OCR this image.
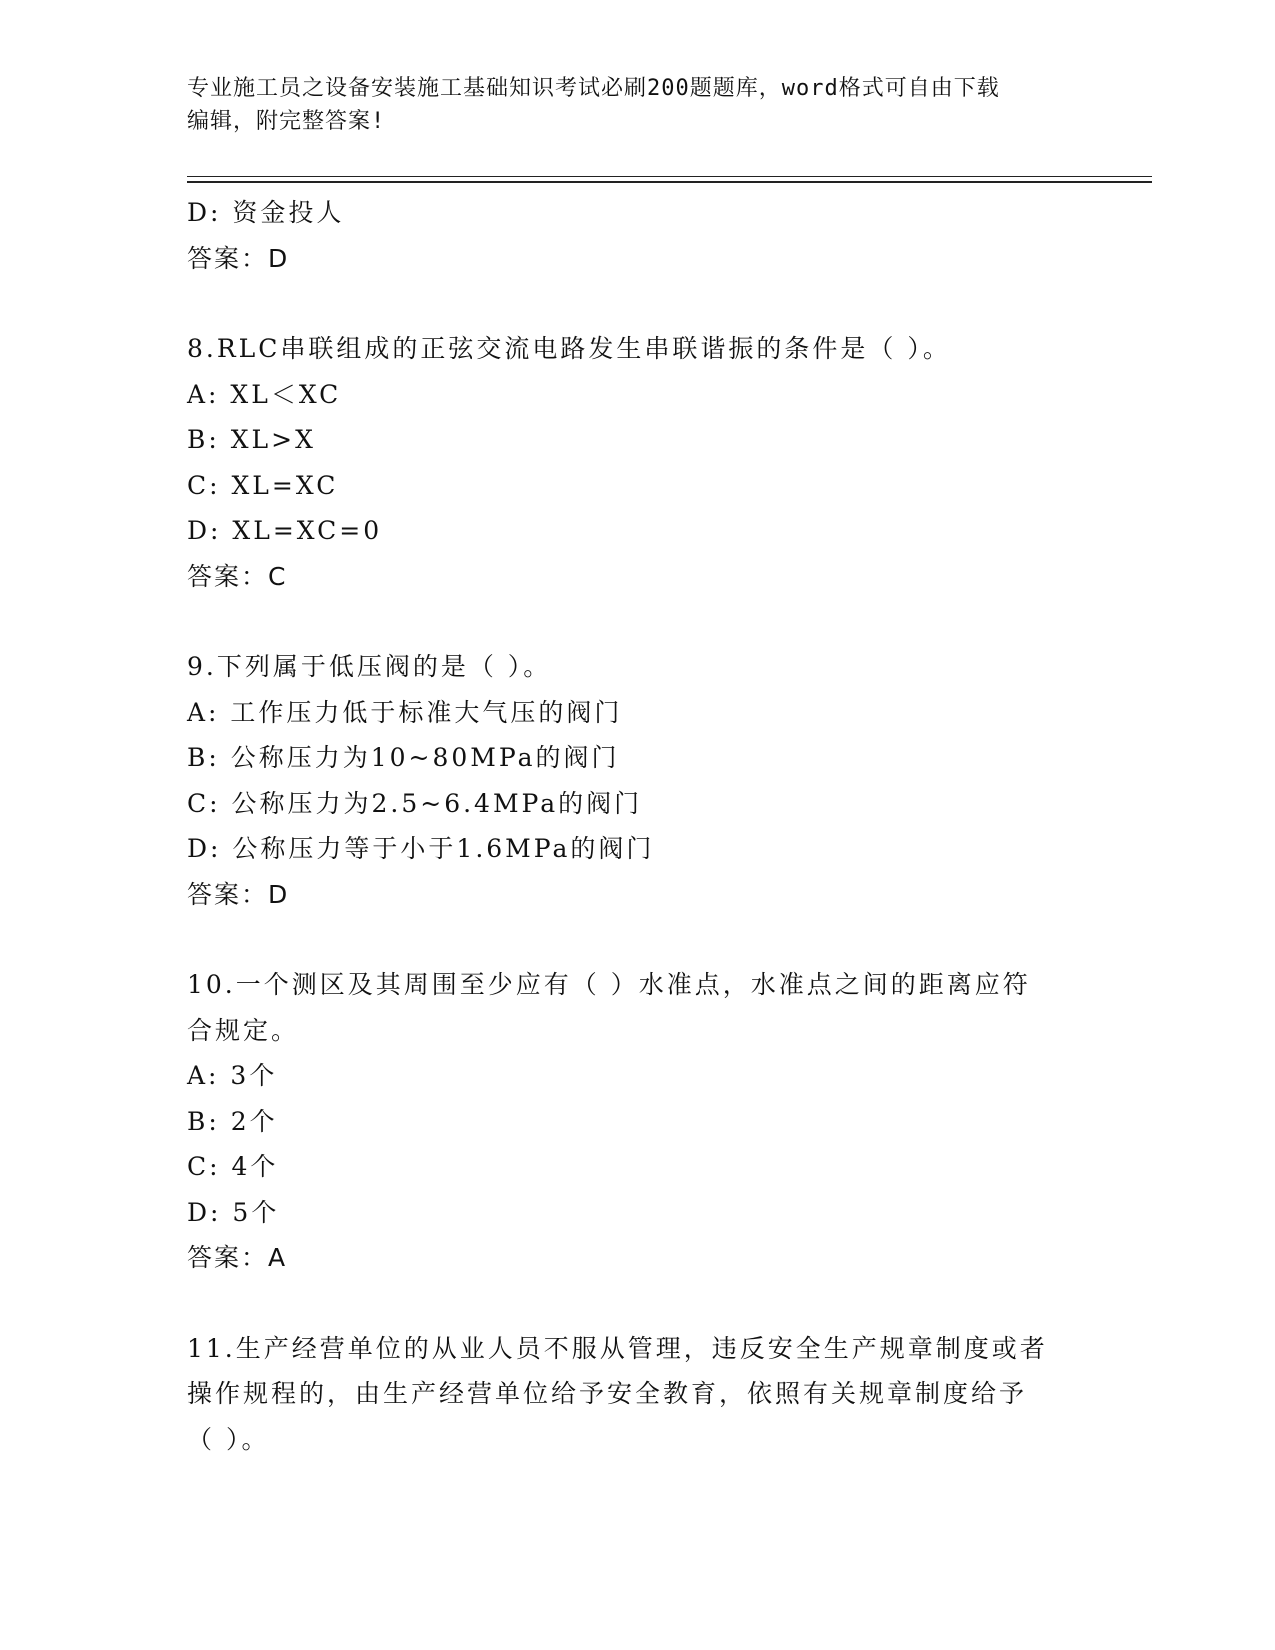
专业施工员之设备安装施工基础知识考试必刷200题题库，word格式可自由下载
编辑，附完整答案!
D: 资金投人
答案：D
8.RLC串联组成的正弦交流电路发生串联谐振的条件是（ ）。
A: XL＜XC
B: XL>X
C: XL=XC
D: XL=XC=0
答案：C
9.下列属于低压阀的是（ ）。
A: 工作压力低于标准大气压的阀门
B: 公称压力为10~80MPa的阀门
C: 公称压力为2.5~6.4MPa的阀门
D: 公称压力等于小于1.6MPa的阀门
答案：D
10.一个测区及其周围至少应有（ ）水准点，水准点之间的距离应符
合规定。
A: 3个
B: 2个
C: 4个
D: 5个
答案：A
11.生产经营单位的从业人员不服从管理，违反安全生产规章制度或者
操作规程的，由生产经营单位给予安全教育，依照有关规章制度给予
（ ）。
